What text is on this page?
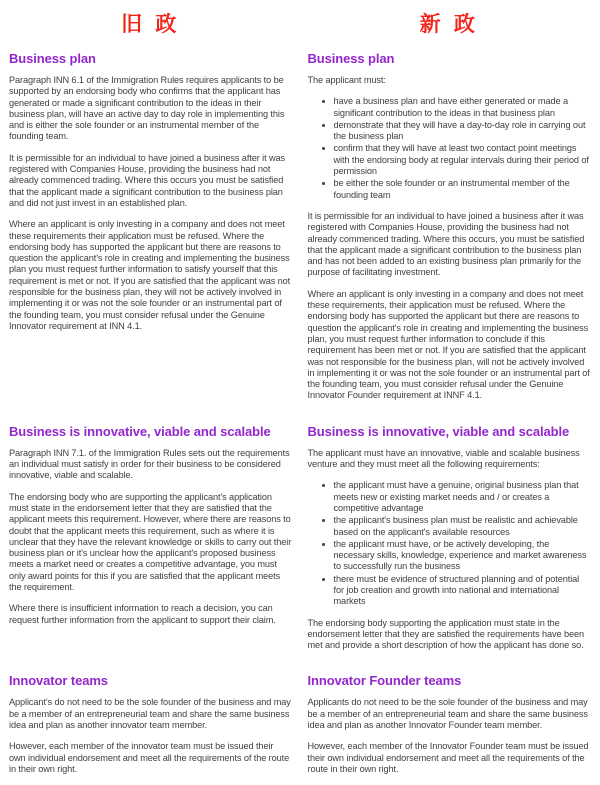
旧 政	新 政
Business plan

Paragraph INN 6.1 of the Immigration Rules requires applicants to be supported by an endorsing body who confirms that the applicant has generated or made a significant contribution to the ideas in their business plan, will have an active day to day role in implementing this and is either the sole founder or an instrumental member of the founding team.

It is permissible for an individual to have joined a business after it was registered with Companies House, providing the business had not already commenced trading. Where this occurs you must be satisfied that the applicant made a significant contribution to the business plan and did not just invest in an established plan.

Where an applicant is only investing in a company and does not meet these requirements their application must be refused. Where the endorsing body has supported the applicant but there are reasons to question the applicant's role in creating and implementing the business plan you must request further information to satisfy yourself that this requirement is met or not. If you are satisfied that the applicant was not responsible for the business plan, they will not be actively involved in implementing it or was not the sole founder or an instrumental part of the founding team, you must consider refusal under the Genuine Innovator requirement at INN 4.1.

Business plan

The applicant must:

• have a business plan and have either generated or made a significant contribution to the ideas in that business plan
• demonstrate that they will have a day-to-day role in carrying out the business plan
• confirm that they will have at least two contact point meetings with the endorsing body at regular intervals during their period of permission
• be either the sole founder or an instrumental member of the founding team

It is permissible for an individual to have joined a business after it was registered with Companies House, providing the business had not already commenced trading. Where this occurs, you must be satisfied that the applicant made a significant contribution to the business plan and has not been added to an existing business plan primarily for the purpose of facilitating investment.

Where an applicant is only investing in a company and does not meet these requirements, their application must be refused. Where the endorsing body has supported the applicant but there are reasons to question the applicant's role in creating and implementing the business plan, you must request further information to conclude if this requirement has been met or not. If you are satisfied that the applicant was not responsible for the business plan, will not be actively involved in implementing it or was not the sole founder or an instrumental part of the founding team, you must consider refusal under the Genuine Innovator Founder requirement at INNF 4.1.

Business is innovative, viable and scalable

Paragraph INN 7.1. of the Immigration Rules sets out the requirements an individual must satisfy in order for their business to be considered innovative, viable and scalable.

The endorsing body who are supporting the applicant's application must state in the endorsement letter that they are satisfied that the applicant meets this requirement. However, where there are reasons to doubt that the applicant meets this requirement, such as where it is unclear that they have the relevant knowledge or skills to carry out their business plan or it's unclear how the applicant's proposed business meets a market need or creates a competitive advantage, you must only award points for this if you are satisfied that the applicant meets the requirement.

Where there is insufficient information to reach a decision, you can request further information from the applicant to support their claim.

Business is innovative, viable and scalable

The applicant must have an innovative, viable and scalable business venture and they must meet all the following requirements:

• the applicant must have a genuine, original business plan that meets new or existing market needs and / or creates a competitive advantage
• the applicant's business plan must be realistic and achievable based on the applicant's available resources
• the applicant must have, or be actively developing, the necessary skills, knowledge, experience and market awareness to successfully run the business
• there must be evidence of structured planning and of potential for job creation and growth into national and international markets

The endorsing body supporting the application must state in the endorsement letter that they are satisfied the requirements have been met and provide a short description of how the applicant has done so.

Innovator teams

Applicant's do not need to be the sole founder of the business and may be a member of an entrepreneurial team and share the same business idea and plan as another innovator team member.

However, each member of the innovator team must be issued their own individual endorsement and meet all the requirements of the route in their own right.

Innovator Founder teams

Applicants do not need to be the sole founder of the business and may be a member of an entrepreneurial team and share the same business idea and plan as another Innovator Founder team member.

However, each member of the Innovator Founder team must be issued their own individual endorsement and meet all the requirements of the route in their own right.
